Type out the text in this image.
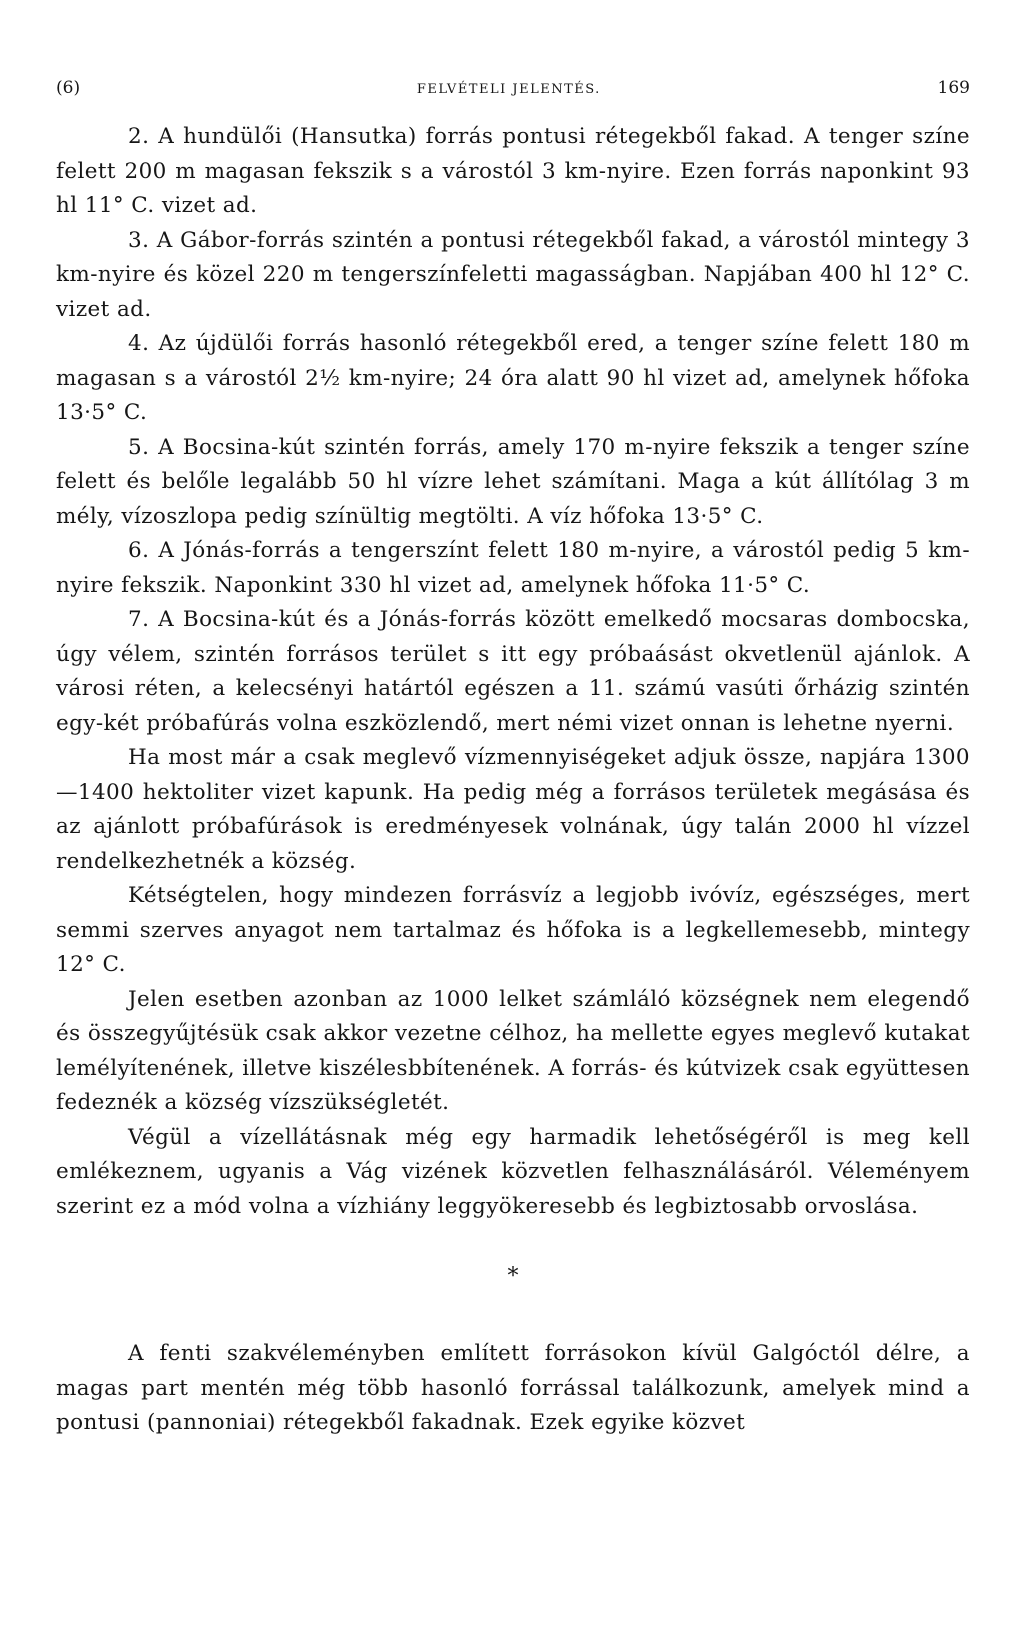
(6)	FELVÉTELI JELENTÉS.	169

2. A hundülői (Hansutka) forrás pontusi rétegekből fakad. A tenger színe felett 200 m magasan fekszik s a várostól 3 km-nyire. Ezen forrás naponkint 93 hl 11° C. vizet ad.

3. A Gábor-forrás szintén a pontusi rétegekből fakad, a várostól mintegy 3 km-nyire és közel 220 m tengerszínfeletti magasságban. Napjában 400 hl 12° C. vizet ad.

4. Az újdülői forrás hasonló rétegekből ered, a tenger színe felett 180 m magasan s a várostól 2½ km-nyire; 24 óra alatt 90 hl vizet ad, amelynek hőfoka 13·5° C.

5. A Bocsina-kút szintén forrás, amely 170 m-nyire fekszik a tenger színe felett és belőle legalább 50 hl vízre lehet számítani. Maga a kút állítólag 3 m mély, vízoszlopa pedig színültig megtölti. A víz hőfoka 13·5° C.

6. A Jónás-forrás a tengerszínt felett 180 m-nyire, a várostól pedig 5 km-nyire fekszik. Naponkint 330 hl vizet ad, amelynek hőfoka 11·5° C.

7. A Bocsina-kút és a Jónás-forrás között emelkedő mocsaras dombocska, úgy vélem, szintén forrásos terület s itt egy próbaásást okvetlenül ajánlok. A városi réten, a kelecsényi határtól egészen a 11. számú vasúti őrházig szintén egy-két próbafúrás volna eszközlendő, mert némi vizet onnan is lehetne nyerni.

Ha most már a csak meglevő vízmennyiségeket adjuk össze, napjára 1300—1400 hektoliter vizet kapunk. Ha pedig még a forrásos területek megásása és az ajánlott próbafúrások is eredményesek volnának, úgy talán 2000 hl vízzel rendelkezhetnék a község.

Kétségtelen, hogy mindezen forrásvíz a legjobb ivóvíz, egészséges, mert semmi szerves anyagot nem tartalmaz és hőfoka is a legkellemesebb, mintegy 12° C.

Jelen esetben azonban az 1000 lelket számláló községnek nem elegendő és összegyűjtésük csak akkor vezetne célhoz, ha mellette egyes meglevő kutakat lemélyítenének, illetve kiszélesbbítenének. A forrás- és kútvizek csak együttesen fedeznék a község vízszükségletét.

Végül a vízellátásnak még egy harmadik lehetőségéről is meg kell emlékeznem, ugyanis a Vág vizének közvetlen felhasználásáról. Véleményem szerint ez a mód volna a vízhiány leggyökeresebb és legbiztosabb orvoslása.

*

A fenti szakvéleményben említett forrásokon kívül Galgóctól délre, a magas part mentén még több hasonló forrással találkozunk, amelyek mind a pontusi (pannoniai) rétegekből fakadnak. Ezek egyike közvet
